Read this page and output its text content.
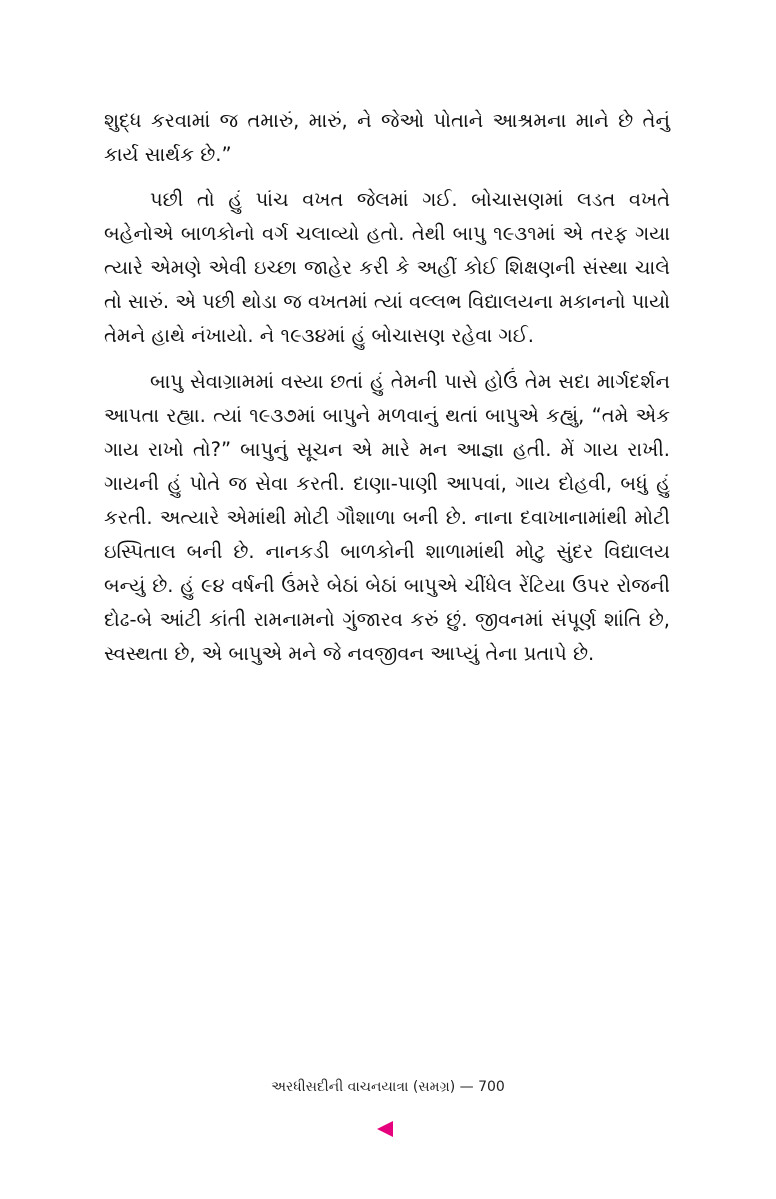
શુદ્ધ કરવામાં જ તમારું, મારું, ને જેઓ પોતાને આશ્રમના માને છે તેનું કાર્ય સાર્થક છે.”

પછી તો હું પાંચ વખત જેલમાં ગઈ. બોચાસણમાં લડત વખતે બહેનોએ બાળકોનો વર્ગ ચલાવ્યો હતો. તેથી બાપુ ૧૯૩૧માં એ તરફ ગયા ત્યારે એમણે એવી ઇચ્છા જાહેર કરી કે અહીં કોઈ શિક્ષણની સંસ્થા ચાલે તો સારું. એ પછી થોડા જ વખતમાં ત્યાં વલ્લભ વિદ્યાલયના મકાનનો પાયો તેમને હાથે નંખાયો. ને ૧૯૩૪માં હું બોચાસણ રહેવા ગઈ.

બાપુ સેવાગ્રામમાં વસ્યા છતાં હું તેમની પાસે હોઉં તેમ સદા માર્ગદર્શન આપતા રહ્યા. ત્યાં ૧૯૩૭માં બાપુને મળવાનું થતાં બાપુએ કહ્યું, “તમે એક ગાય રાખો તો?” બાપુનું સૂચન એ મારે મન આજ્ઞા હતી. મેં ગાય રાખી. ગાયની હું પોતે જ સેવા કરતી. દાણા-પાણી આપવાં, ગાય દોહવી, બધું હું કરતી. અત્યારે એમાંથી મોટી ગૌશાળા બની છે. નાના દવાખાનામાંથી મોટી ઇસ્પિતાલ બની છે. નાનકડી બાળકોની શાળામાંથી મોટુ સુંદર વિદ્યાલય બન્યું છે. હું ૯૪ વર્ષની ઉંમરે બેઠાં બેઠાં બાપુએ ચીંધેલ રેંટિયા ઉપર રોજની દોઢ-બે આંટી કાંતી રામનામનો ગુંજારવ કરું છું. જીવનમાં સંપૂર્ણ શાંતિ છે, સ્વસ્થતા છે, એ બાપુએ મને જે નવજીવન આપ્યું તેના પ્રતાપે છે.

અરધીસદીની વાચનયાત્રા (સમગ્ર) — 700
